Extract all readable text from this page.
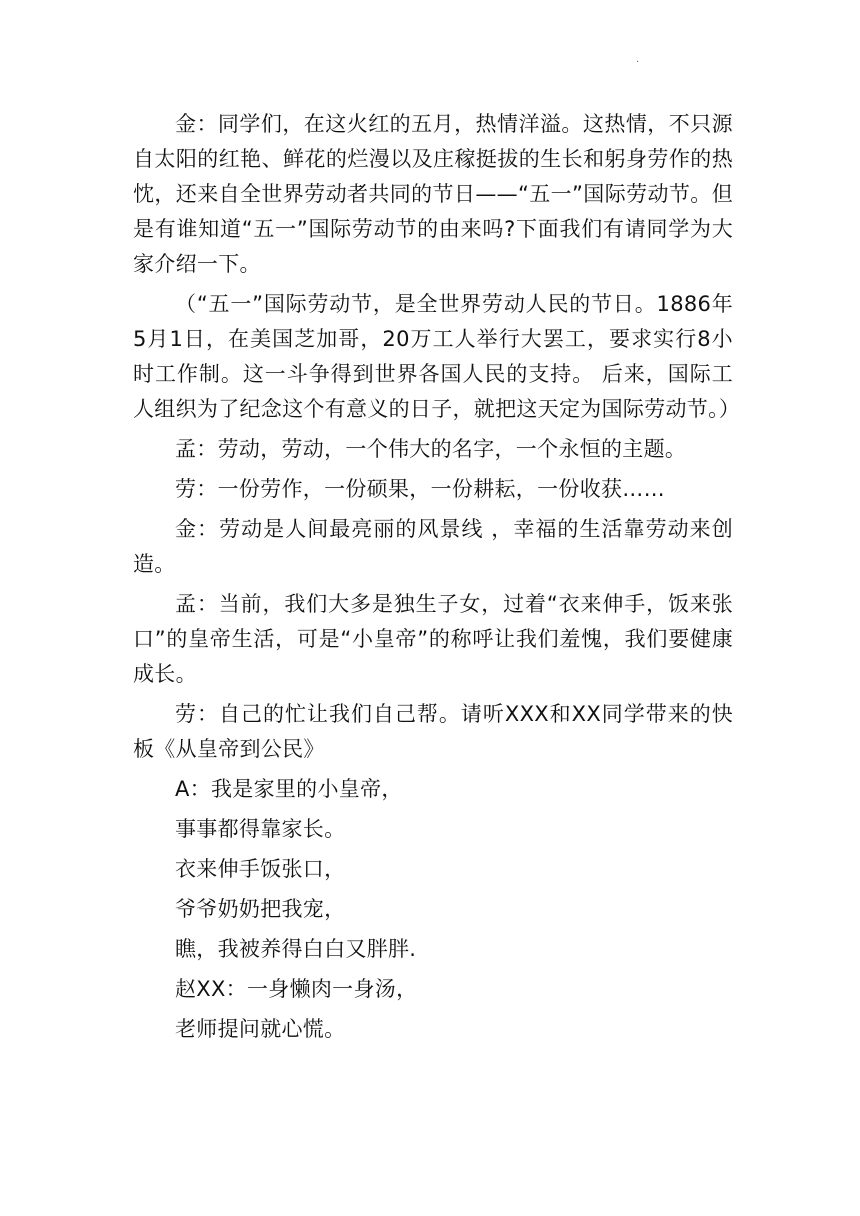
·

金：同学们，在这火红的五月，热情洋溢。这热情，不只源自太阳的红艳、鲜花的烂漫以及庄稼挺拔的生长和躬身劳作的热忱，还来自全世界劳动者共同的节日——“五一”国际劳动节。但是有谁知道“五一”国际劳动节的由来吗?下面我们有请同学为大家介绍一下。

（“五一”国际劳动节，是全世界劳动人民的节日。1886年5月1日，在美国芝加哥，20万工人举行大罢工，要求实行8小时工作制。这一斗争得到世界各国人民的支持。 后来，国际工人组织为了纪念这个有意义的日子，就把这天定为国际劳动节。）

孟：劳动，劳动，一个伟大的名字，一个永恒的主题。

劳：一份劳作，一份硕果，一份耕耘，一份收获……

金：劳动是人间最亮丽的风景线 ，幸福的生活靠劳动来创造。

孟：当前，我们大多是独生子女，过着“衣来伸手，饭来张口”的皇帝生活，可是“小皇帝”的称呼让我们羞愧，我们要健康成长。

劳：自己的忙让我们自己帮。请听XXX和XX同学带来的快板《从皇帝到公民》

A：我是家里的小皇帝，
事事都得靠家长。
衣来伸手饭张口，
爷爷奶奶把我宠，
瞧，我被养得白白又胖胖.
赵XX：一身懒肉一身汤，
老师提问就心慌。
